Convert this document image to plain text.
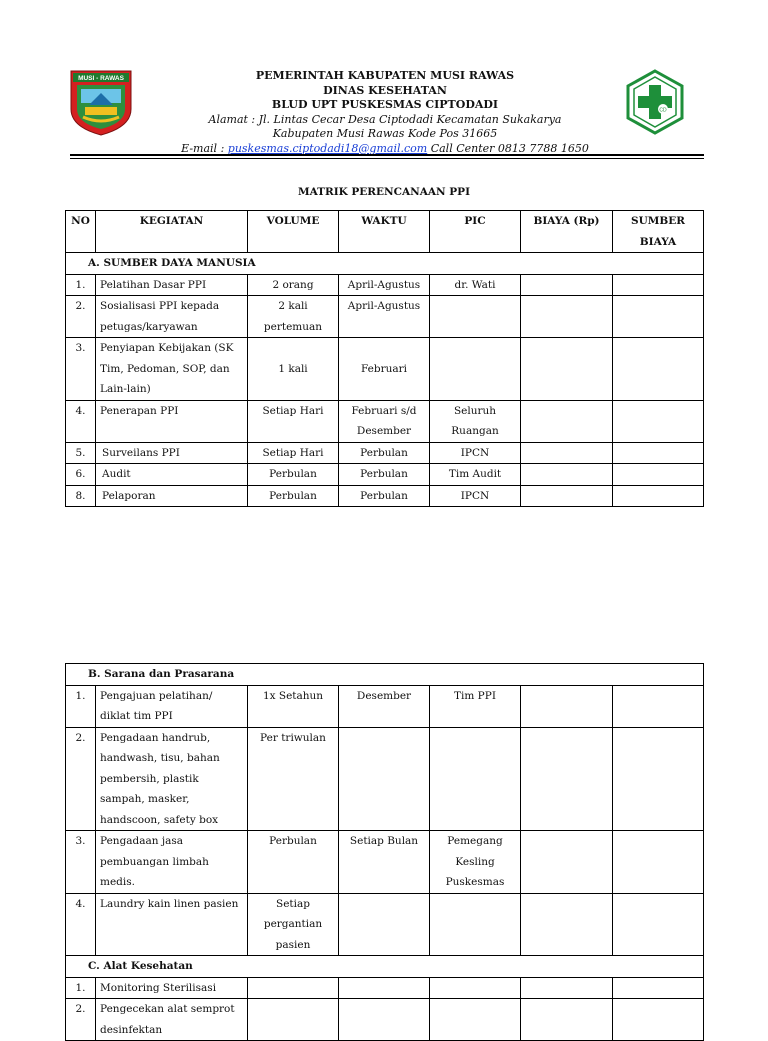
MUSI - RAWAS
CD
PEMERINTAH KABUPATEN MUSI RAWAS
DINAS KESEHATAN
BLUD UPT PUSKESMAS CIPTODADI
Alamat : Jl. Lintas Cecar Desa Ciptodadi Kecamatan Sukakarya
Kabupaten Musi Rawas Kode Pos 31665
E-mail : puskesmas.ciptodadi18@gmail.com Call Center 0813 7788 1650
MATRIK PERENCANAAN PPI
NO	KEGIATAN	VOLUME	WAKTU	PIC	BIAYA (Rp)	SUMBER BIAYA
A. SUMBER DAYA MANUSIA						
1.	Pelatihan Dasar PPI	2 orang	April-Agustus	dr. Wati		
2.	Sosialisasi PPI kepada petugas/karyawan	2 kali pertemuan	April-Agustus			
3.	Penyiapan Kebijakan (SK Tim, Pedoman, SOP, dan Lain-lain)	1 kali	Februari			
4.	Penerapan PPI	Setiap Hari	Februari s/d Desember	Seluruh Ruangan		
5.	Surveilans PPI	Setiap Hari	Perbulan	IPCN		
6.	Audit	Perbulan	Perbulan	Tim Audit		
8.	Pelaporan	Perbulan	Perbulan	IPCN		
B. Sarana dan Prasarana						
1.	Pengajuan pelatihan/ diklat tim PPI	1x Setahun	Desember	Tim PPI		
2.	Pengadaan handrub, handwash, tisu, bahan pembersih, plastik sampah, masker, handscoon, safety box	Per triwulan				
3.	Pengadaan jasa pembuangan limbah medis.	Perbulan	Setiap Bulan	Pemegang Kesling Puskesmas		
4.	Laundry kain linen pasien	Setiap pergantian pasien				
C. Alat Kesehatan						
1.	Monitoring Sterilisasi					
2.	Pengecekan alat semprot desinfektan					
